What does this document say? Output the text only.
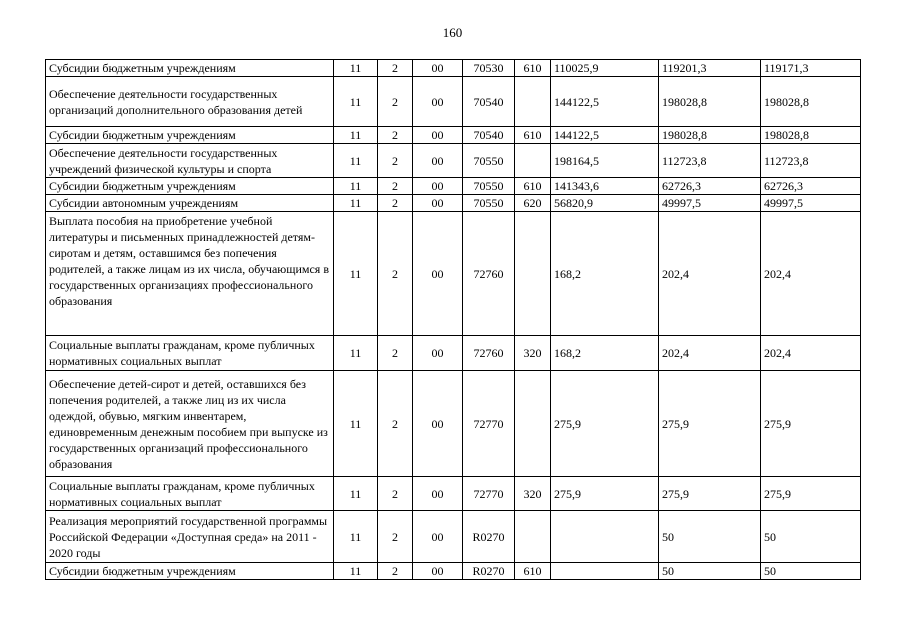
160
Субсидии бюджетным учреждениям	11	2	00	70530	610	110025,9	119201,3	119171,3
Обеспечение деятельности государственных организаций дополнительного образования детей	11	2	00	70540		144122,5	198028,8	198028,8
Субсидии бюджетным учреждениям	11	2	00	70540	610	144122,5	198028,8	198028,8
Обеспечение деятельности государственных учреждений физической культуры и спорта	11	2	00	70550		198164,5	112723,8	112723,8
Субсидии бюджетным учреждениям	11	2	00	70550	610	141343,6	62726,3	62726,3
Субсидии автономным учреждениям	11	2	00	70550	620	56820,9	49997,5	49997,5
Выплата пособия на приобретение учебной литературы и письменных принадлежностей детям-сиротам и детям, оставшимся без попечения родителей, а также лицам из их числа, обучающимся в государственных организациях профессионального образования	11	2	00	72760		168,2	202,4	202,4
Социальные выплаты гражданам, кроме публичных нормативных социальных выплат	11	2	00	72760	320	168,2	202,4	202,4
Обеспечение детей-сирот и детей, оставшихся без попечения родителей, а также лиц из их числа одеждой, обувью, мягким инвентарем, единовременным денежным пособием при выпуске из государственных организаций профессионального образования	11	2	00	72770		275,9	275,9	275,9
Социальные выплаты гражданам, кроме публичных нормативных социальных выплат	11	2	00	72770	320	275,9	275,9	275,9
Реализация мероприятий государственной программы Российской Федерации «Доступная среда» на 2011 - 2020 годы	11	2	00	R0270			50	50
Субсидии бюджетным учреждениям	11	2	00	R0270	610		50	50
